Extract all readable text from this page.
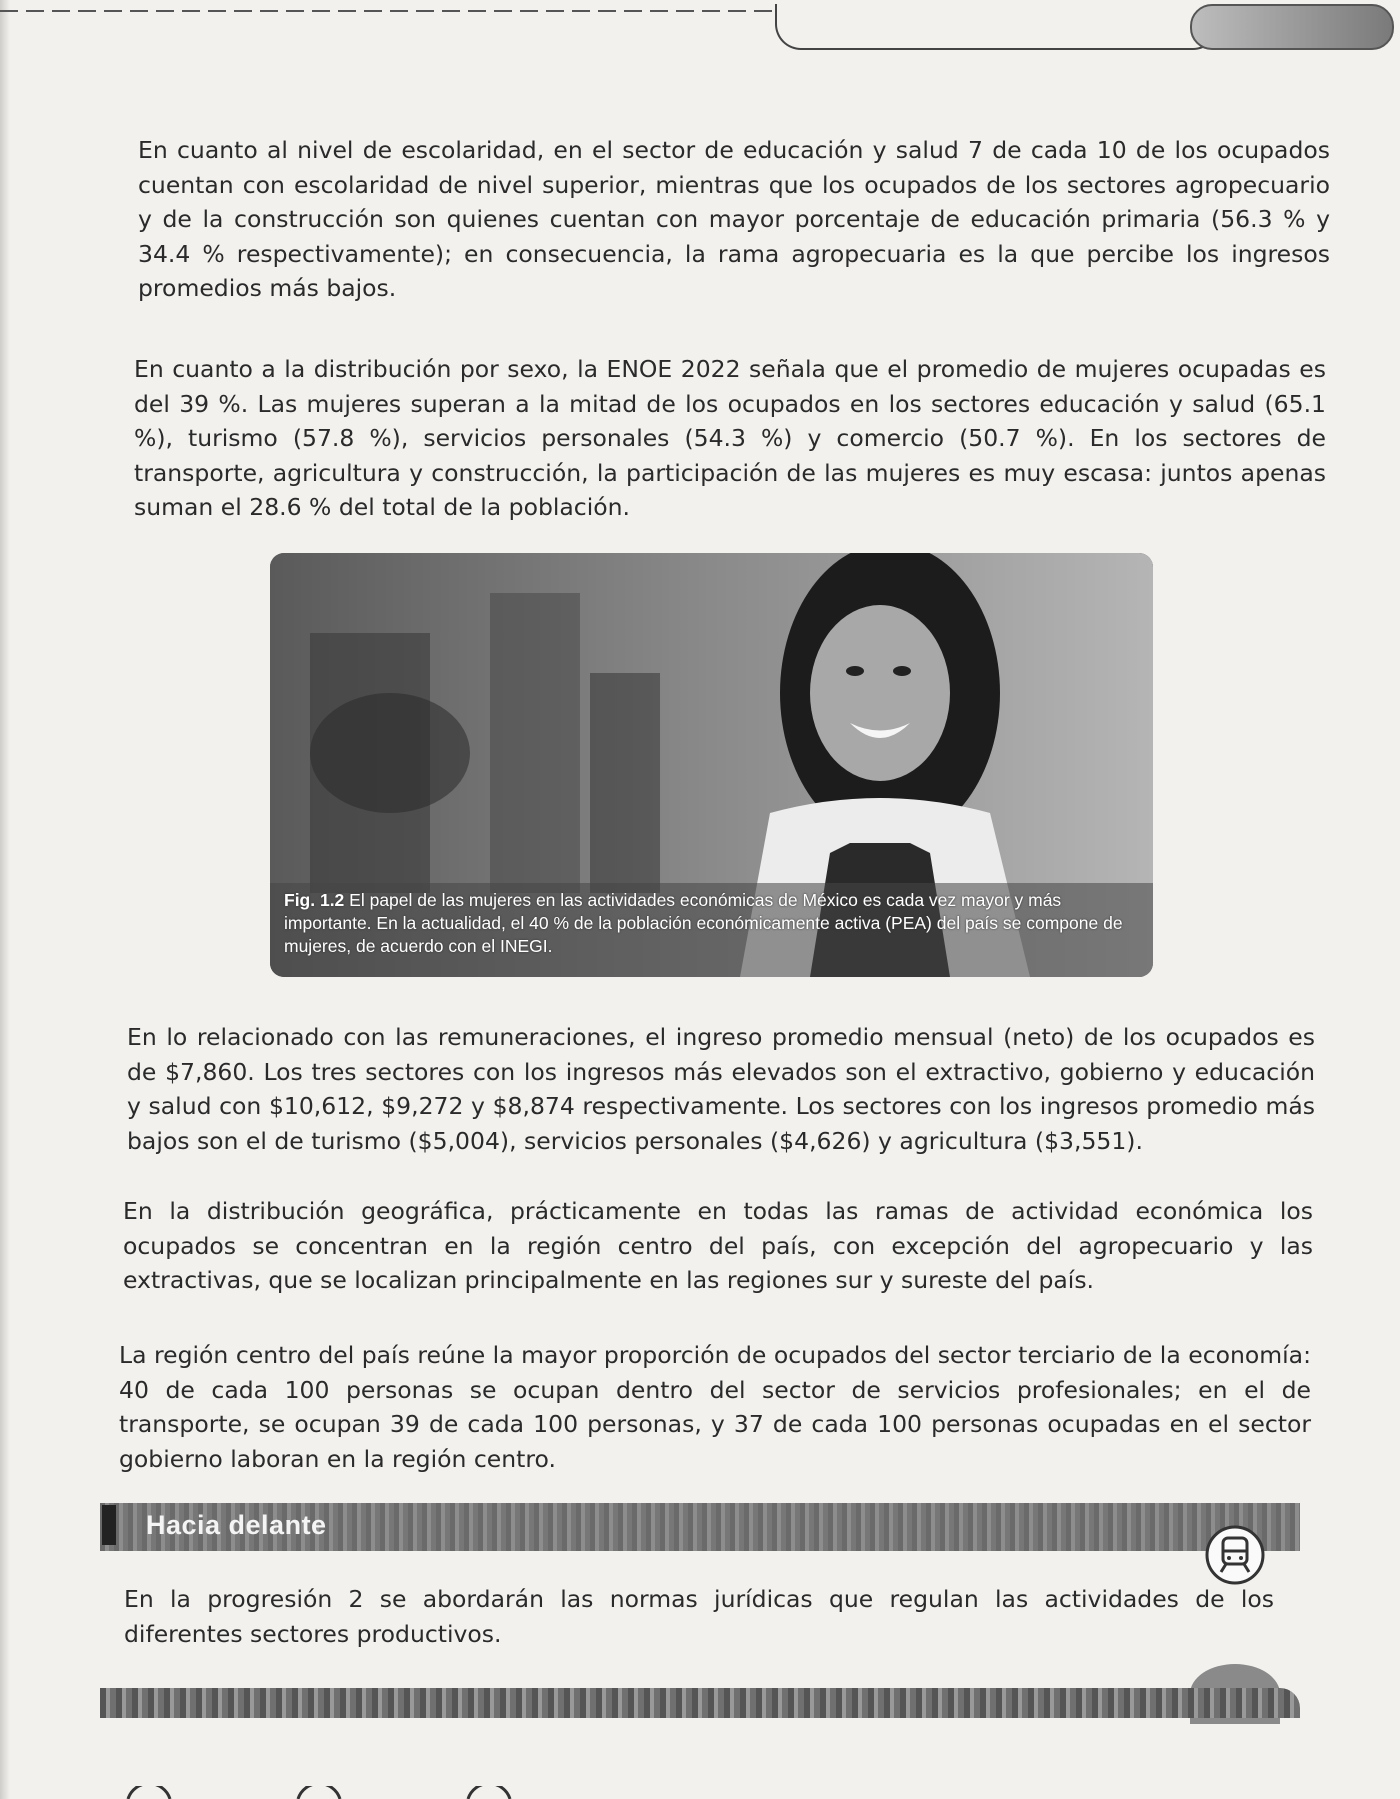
En cuanto al nivel de escolaridad, en el sector de educación y salud 7 de cada 10 de los ocupados cuentan con escolaridad de nivel superior, mientras que los ocupados de los sectores agropecuario y de la construcción son quienes cuentan con mayor porcentaje de educación primaria (56.3 % y 34.4 % respectivamente); en consecuencia, la rama agropecuaria es la que percibe los ingresos promedios más bajos.

En cuanto a la distribución por sexo, la ENOE 2022 señala que el promedio de mujeres ocupadas es del 39 %. Las mujeres superan a la mitad de los ocupados en los sectores educación y salud (65.1 %), turismo (57.8 %), servicios personales (54.3 %) y comercio (50.7 %). En los sectores de transporte, agricultura y construcción, la participación de las mujeres es muy escasa: juntos apenas suman el 28.6 % del total de la población.

Fig. 1.2 El papel de las mujeres en las actividades económicas de México es cada vez mayor y más importante. En la actualidad, el 40 % de la población económicamente activa (PEA) del país se compone de mujeres, de acuerdo con el INEGI.

En lo relacionado con las remuneraciones, el ingreso promedio mensual (neto) de los ocupados es de $7,860. Los tres sectores con los ingresos más elevados son el extractivo, gobierno y educación y salud con $10,612, $9,272 y $8,874 respectivamente. Los sectores con los ingresos promedio más bajos son el de turismo ($5,004), servicios personales ($4,626) y agricultura ($3,551).

En la distribución geográfica, prácticamente en todas las ramas de actividad económica los ocupados se concentran en la región centro del país, con excepción del agropecuario y las extractivas, que se localizan principalmente en las regiones sur y sureste del país.

La región centro del país reúne la mayor proporción de ocupados del sector terciario de la economía: 40 de cada 100 personas se ocupan dentro del sector de servicios profesionales; en el de transporte, se ocupan 39 de cada 100 personas, y 37 de cada 100 personas ocupadas en el sector gobierno laboran en la región centro.

Hacia delante

En la progresión 2 se abordarán las normas jurídicas que regulan las actividades de los diferentes sectores productivos.
